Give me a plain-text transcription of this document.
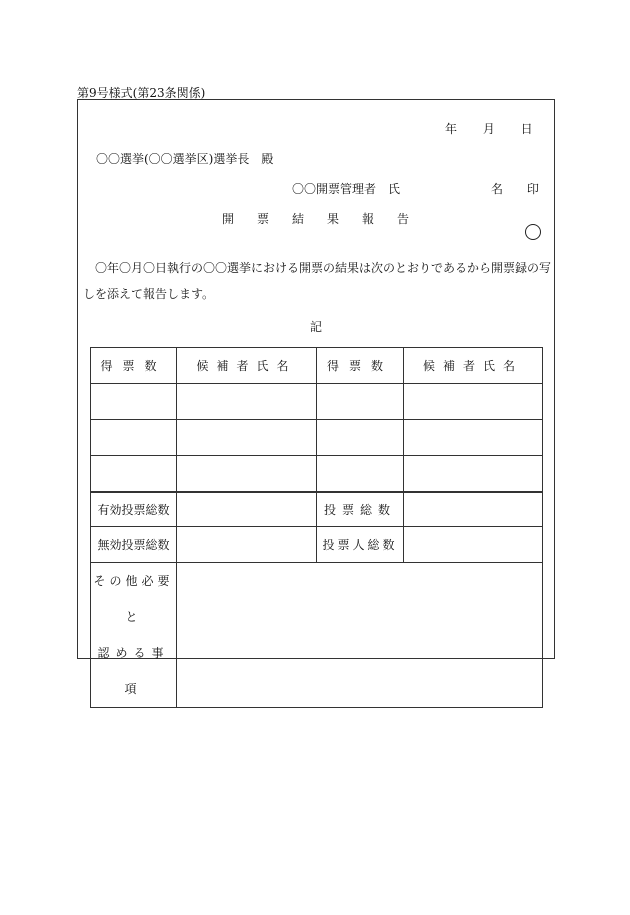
第9号様式(第23条関係)
年 月 日
〇〇選挙(〇〇選挙区)選挙長　殿
〇〇開票管理者　氏	名 印
開票結果報告
〇年〇月〇日執行の〇〇選挙における開票の結果は次のとおりであるから開票録の写しを添えて報告します。
記
得票数	候補者氏名	得票数	候補者氏名

有効投票総数		投票総数	
無効投票総数		投票人総数	

その他必要と
認める事項			
